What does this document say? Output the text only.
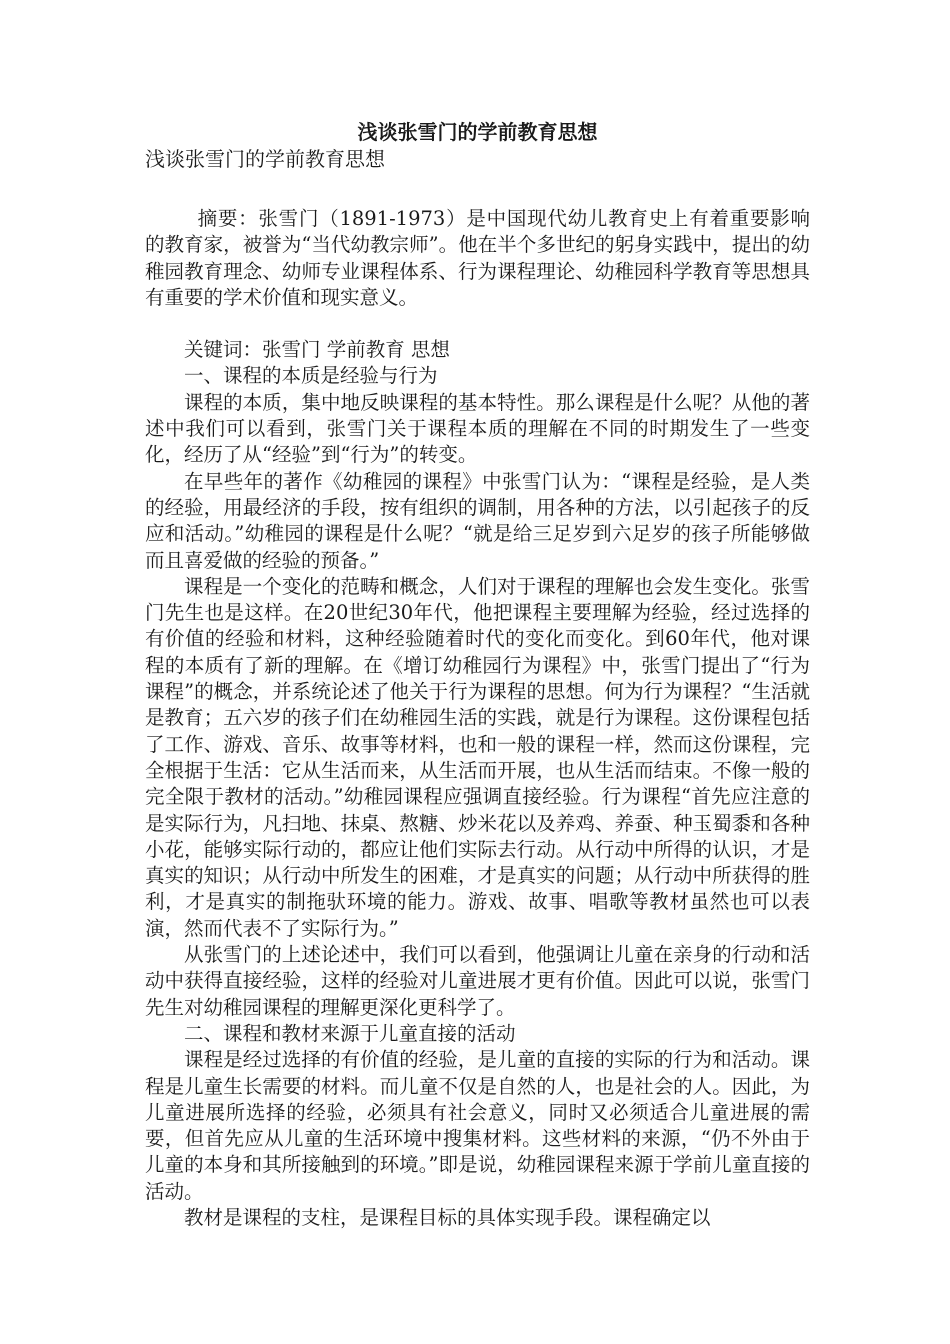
浅谈张雪门的学前教育思想
浅谈张雪门的学前教育思想

摘要：张雪门（1891-1973）是中国现代幼儿教育史上有着重要影响的教育家，被誉为“当代幼教宗师”。他在半个多世纪的躬身实践中，提出的幼稚园教育理念、幼师专业课程体系、行为课程理论、幼稚园科学教育等思想具有重要的学术价值和现实意义。

关键词：张雪门 学前教育 思想

一、课程的本质是经验与行为

课程的本质，集中地反映课程的基本特性。那么课程是什么呢？从他的著述中我们可以看到，张雪门关于课程本质的理解在不同的时期发生了一些变化，经历了从“经验”到“行为”的转变。

在早些年的著作《幼稚园的课程》中张雪门认为：“课程是经验，是人类的经验，用最经济的手段，按有组织的调制，用各种的方法，以引起孩子的反应和活动。”幼稚园的课程是什么呢？“就是给三足岁到六足岁的孩子所能够做而且喜爱做的经验的预备。”

课程是一个变化的范畴和概念，人们对于课程的理解也会发生变化。张雪门先生也是这样。在20世纪30年代，他把课程主要理解为经验，经过选择的有价值的经验和材料，这种经验随着时代的变化而变化。到60年代，他对课程的本质有了新的理解。在《增订幼稚园行为课程》中，张雪门提出了“行为课程”的概念，并系统论述了他关于行为课程的思想。何为行为课程？“生活就是教育；五六岁的孩子们在幼稚园生活的实践，就是行为课程。这份课程包括了工作、游戏、音乐、故事等材料，也和一般的课程一样，然而这份课程，完全根据于生活：它从生活而来，从生活而开展，也从生活而结束。不像一般的完全限于教材的活动。”幼稚园课程应强调直接经验。行为课程“首先应注意的是实际行为，凡扫地、抹桌、熬糖、炒米花以及养鸡、养蚕、种玉蜀黍和各种小花，能够实际行动的，都应让他们实际去行动。从行动中所得的认识，才是真实的知识；从行动中所发生的困难，才是真实的问题；从行动中所获得的胜利，才是真实的制拖驮环境的能力。游戏、故事、唱歌等教材虽然也可以表演，然而代表不了实际行为。”

从张雪门的上述论述中，我们可以看到，他强调让儿童在亲身的行动和活动中获得直接经验，这样的经验对儿童进展才更有价值。因此可以说，张雪门先生对幼稚园课程的理解更深化更科学了。

二、课程和教材来源于儿童直接的活动

课程是经过选择的有价值的经验，是儿童的直接的实际的行为和活动。课程是儿童生长需要的材料。而儿童不仅是自然的人，也是社会的人。因此，为儿童进展所选择的经验，必须具有社会意义，同时又必须适合儿童进展的需要，但首先应从儿童的生活环境中搜集材料。这些材料的来源，“仍不外由于儿童的本身和其所接触到的环境。”即是说，幼稚园课程来源于学前儿童直接的活动。

教材是课程的支柱，是课程目标的具体实现手段。课程确定以
